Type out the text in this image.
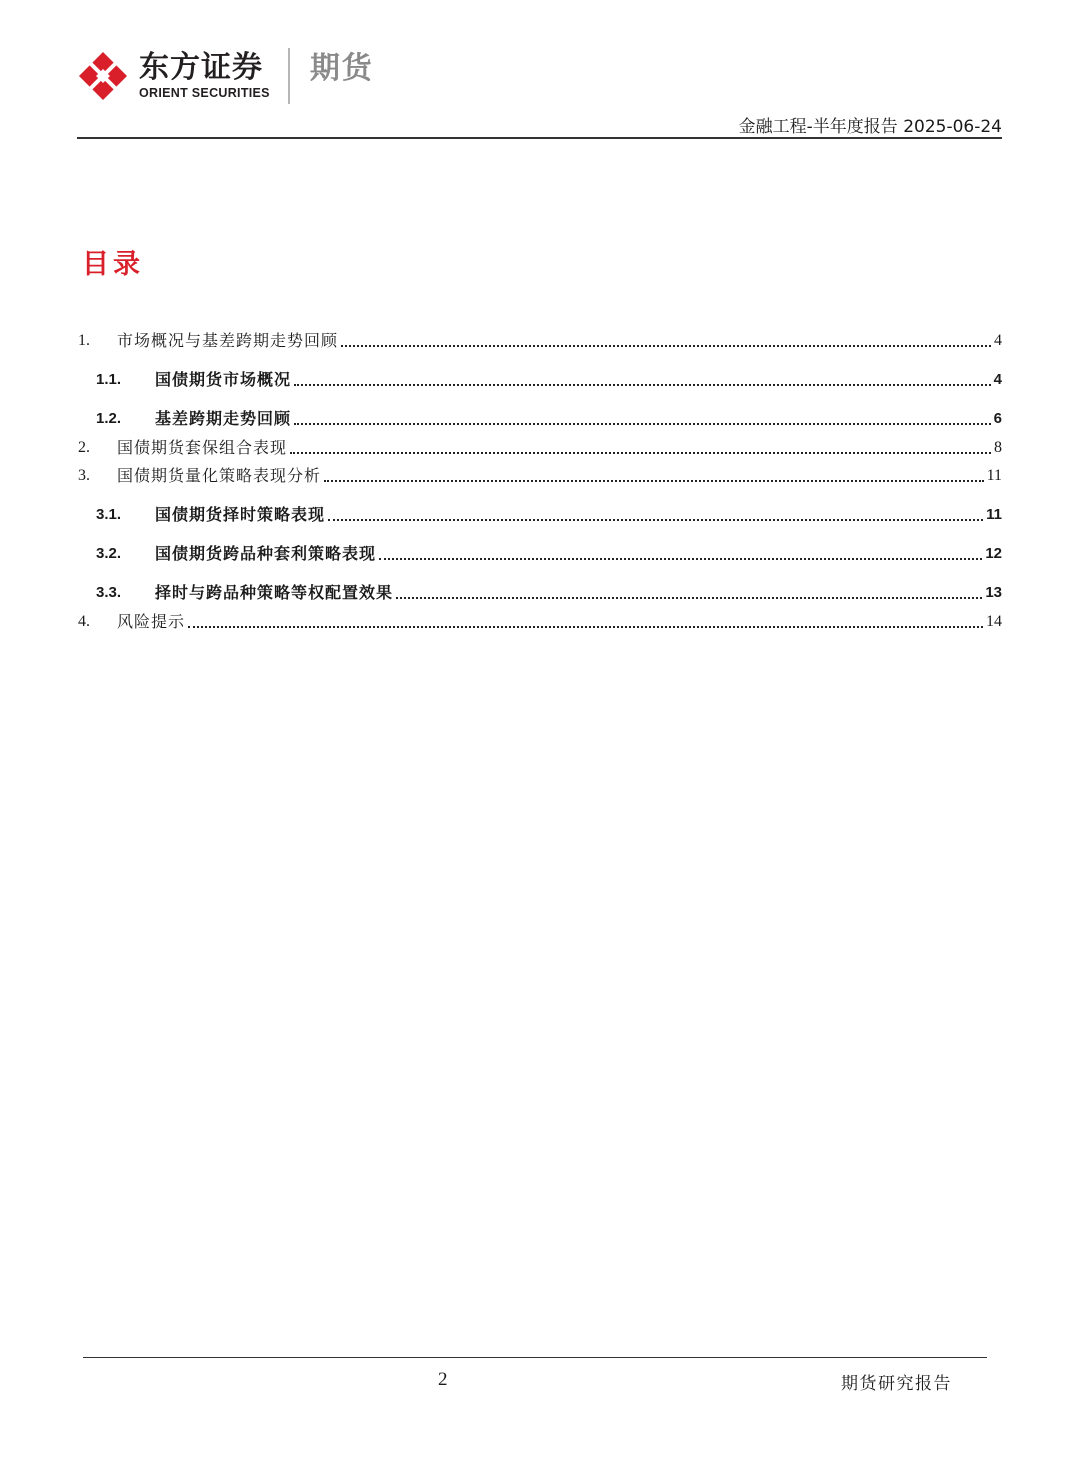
东方证券
ORIENT SECURITIES
期货
金融工程-半年度报告 2025-06-24
目录
1.	市场概况与基差跨期走势回顾	4
1.1.	国债期货市场概况	4
1.2.	基差跨期走势回顾	6
2.	国债期货套保组合表现	8
3.	国债期货量化策略表现分析	11
3.1.	国债期货择时策略表现	11
3.2.	国债期货跨品种套利策略表现	12
3.3.	择时与跨品种策略等权配置效果	13
4.	风险提示	14
2	期货研究报告
